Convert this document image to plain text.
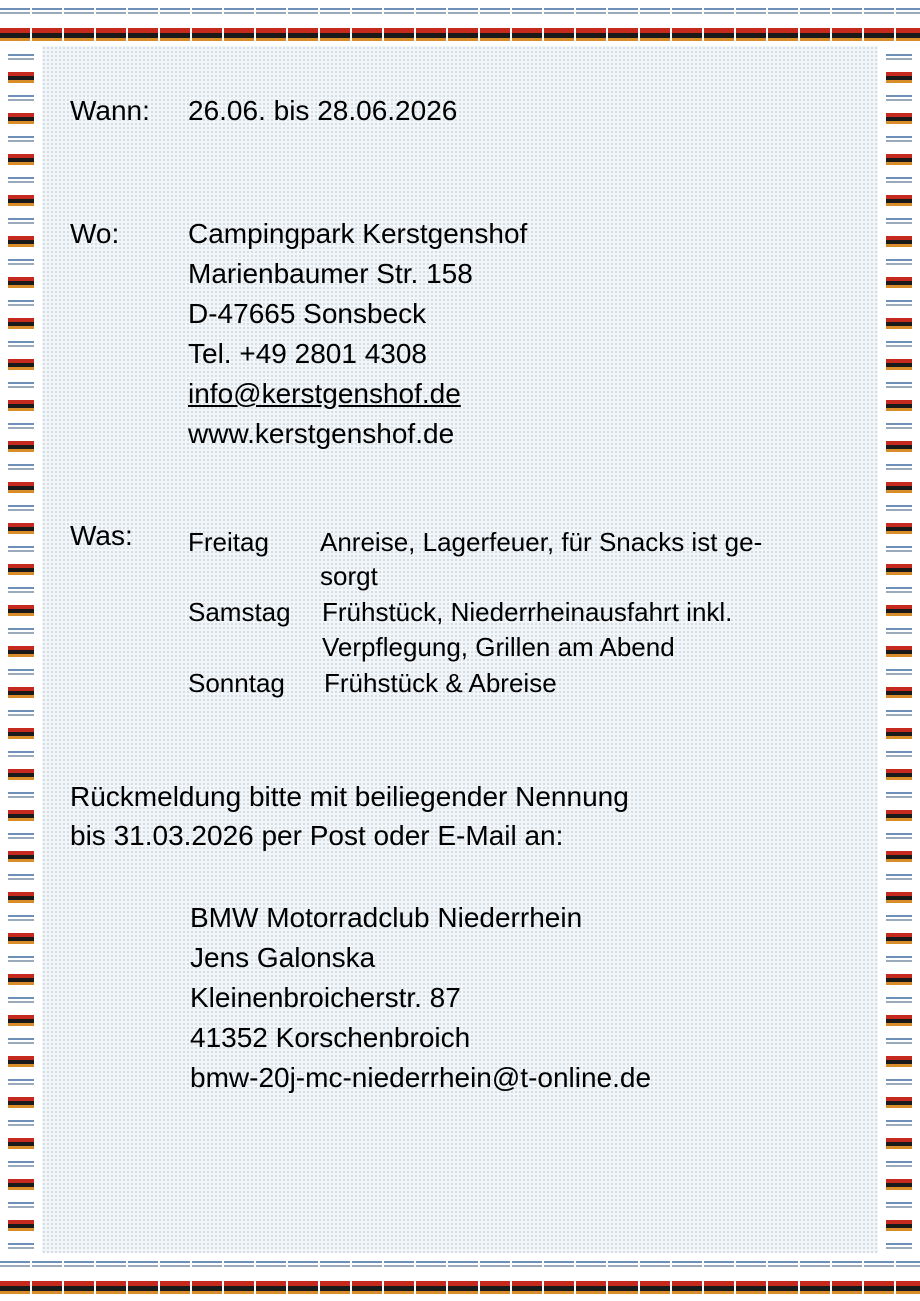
Wann: 26.06. bis 28.06.2026
Wo: Campingpark Kerstgenshof
Marienbaumer Str. 158
D-47665 Sonsbeck
Tel. +49 2801 4308
info@kerstgenshof.de
www.kerstgenshof.de
Was: Freitag Anreise, Lagerfeuer, für Snacks ist ge-
sorgt
Samstag Frühstück, Niederrheinausfahrt inkl.
Verpflegung, Grillen am Abend
Sonntag Frühstück & Abreise
Rückmeldung bitte mit beiliegender Nennung
bis 31.03.2026 per Post oder E-Mail an:
BMW Motorradclub Niederrhein
Jens Galonska
Kleinenbroicherstr. 87
41352 Korschenbroich
bmw-20j-mc-niederrhein@t-online.de
